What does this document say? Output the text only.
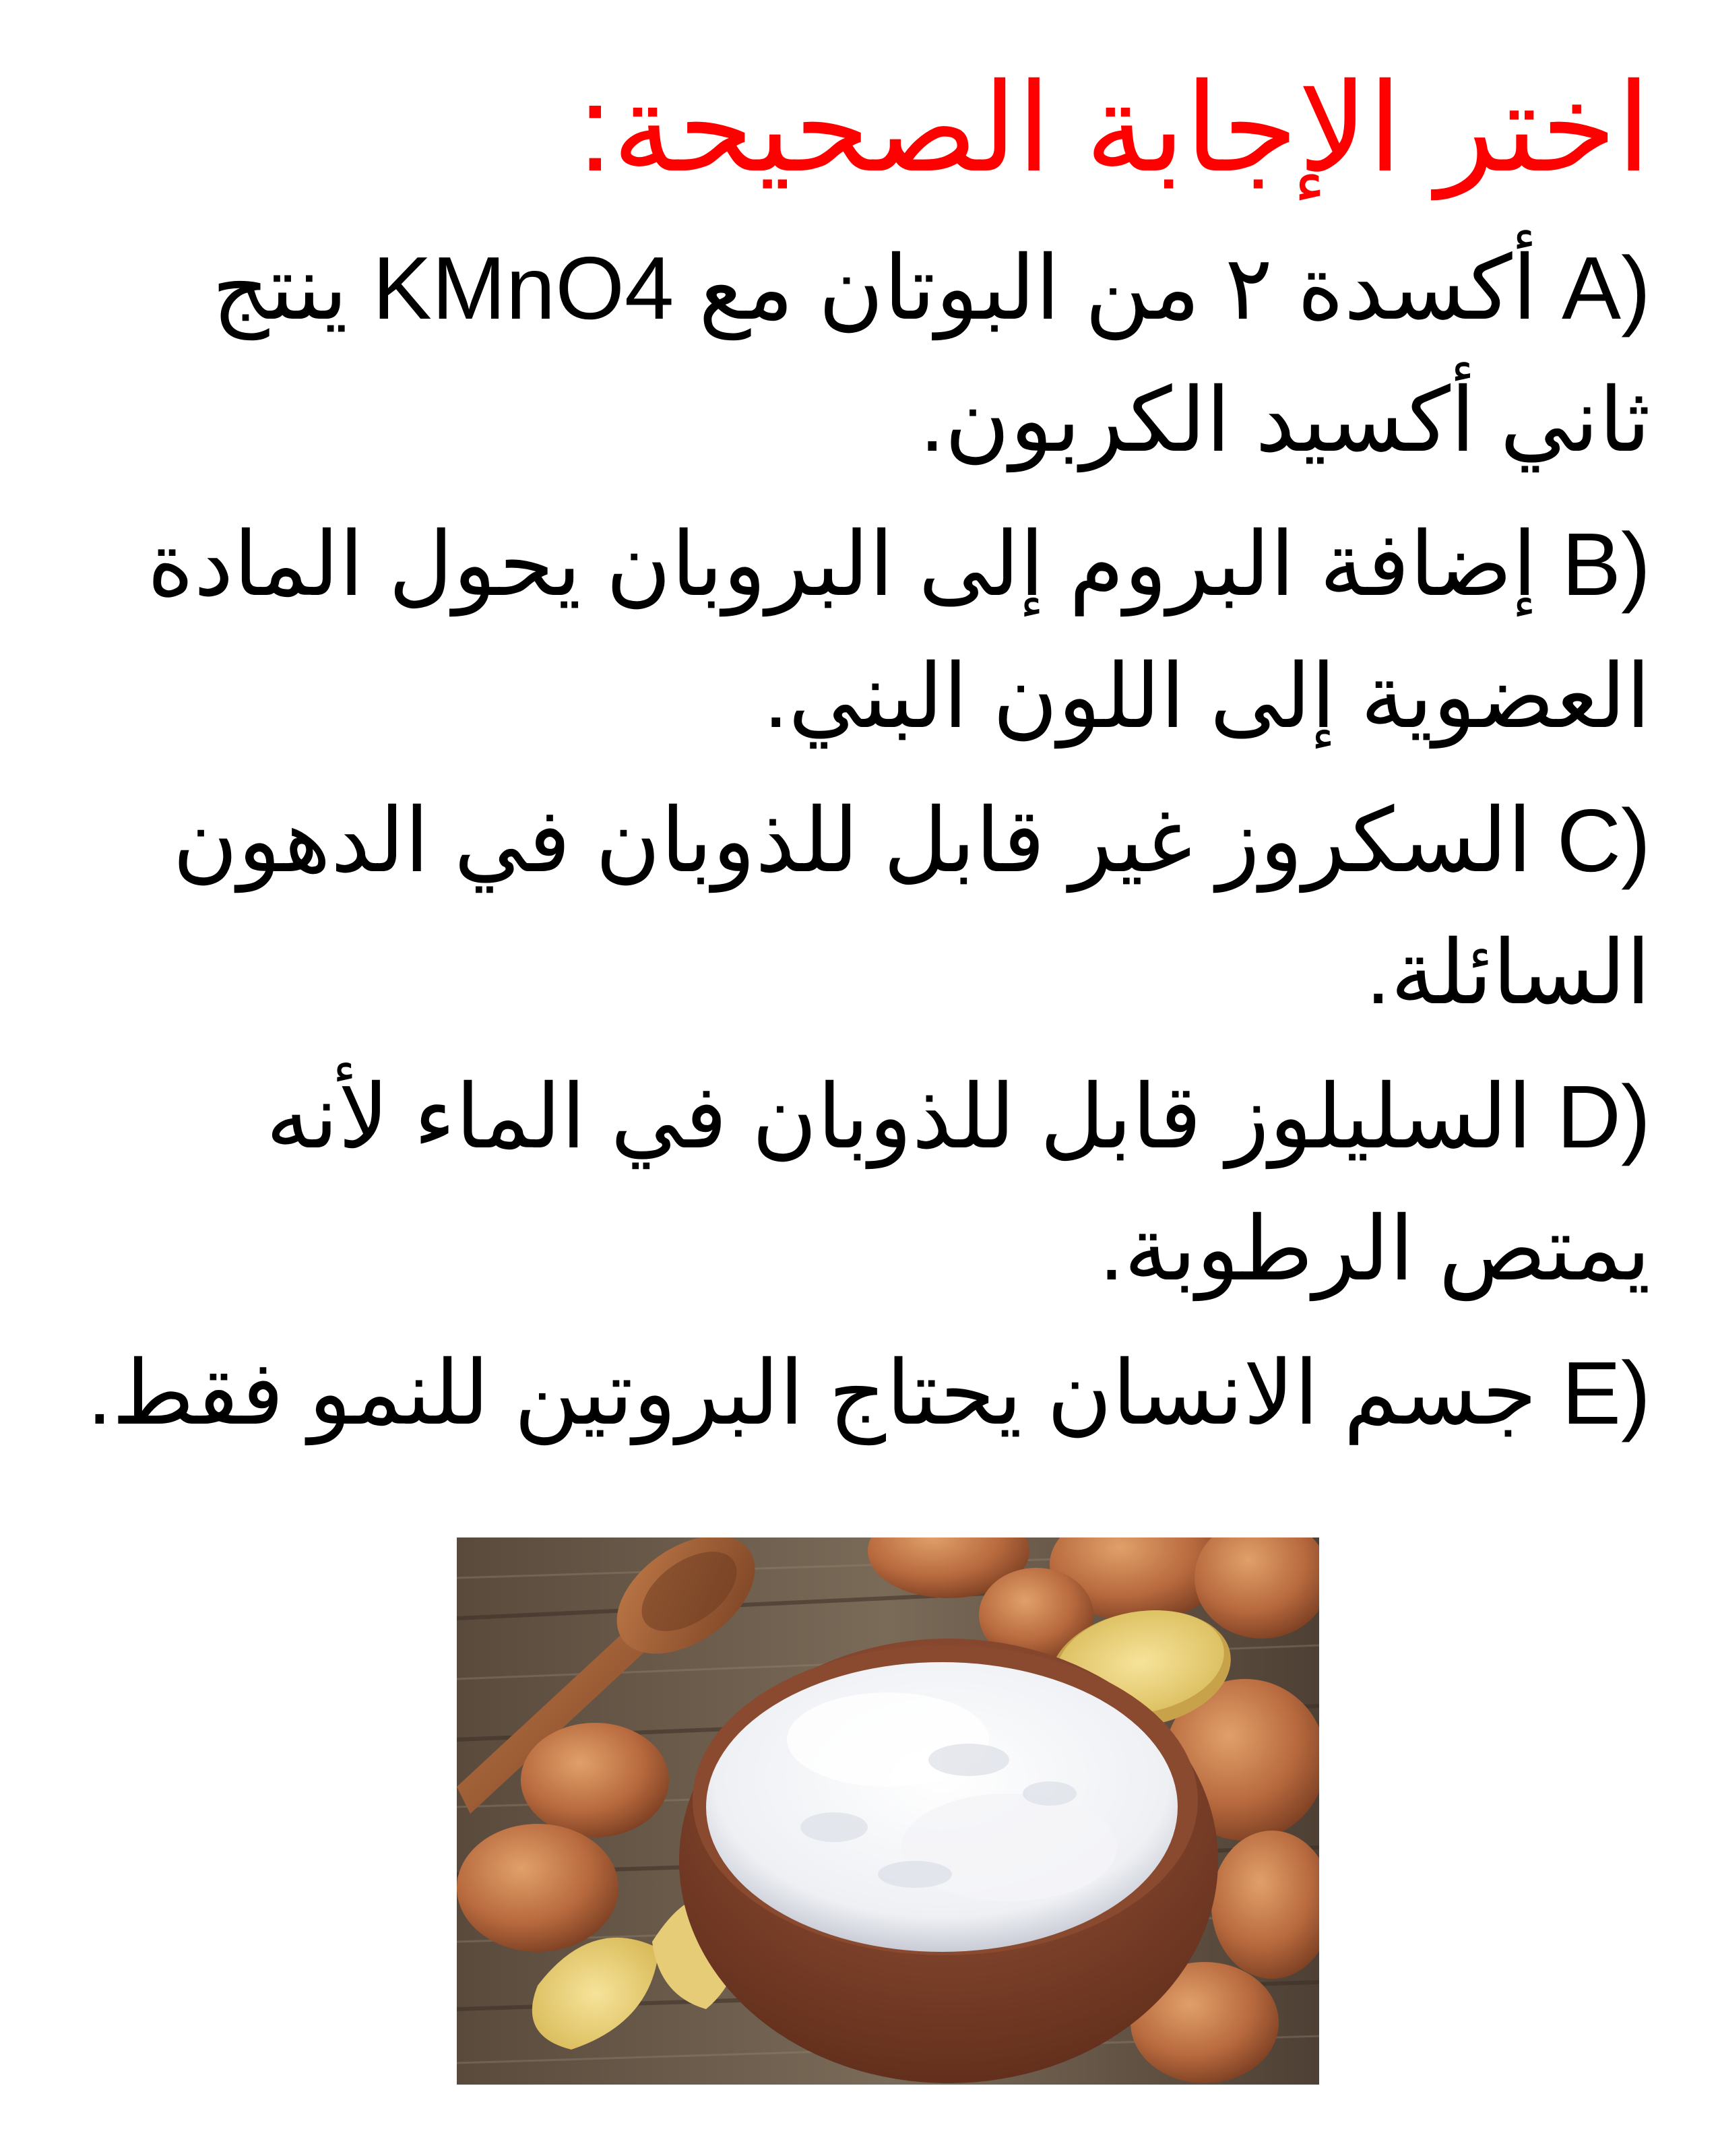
اختر الإجابة الصحيحة:
A) أكسدة ٢ من البوتان مع KMnO4 ينتج ثاني أكسيد الكربون.
B) إضافة البروم إلى البروبان يحول المادة العضوية إلى اللون البني.
C) السكروز غير قابل للذوبان في الدهون السائلة.
D) السليلوز قابل للذوبان في الماء لأنه يمتص الرطوبة.
E) جسم الانسان يحتاج البروتين للنمو فقط.
